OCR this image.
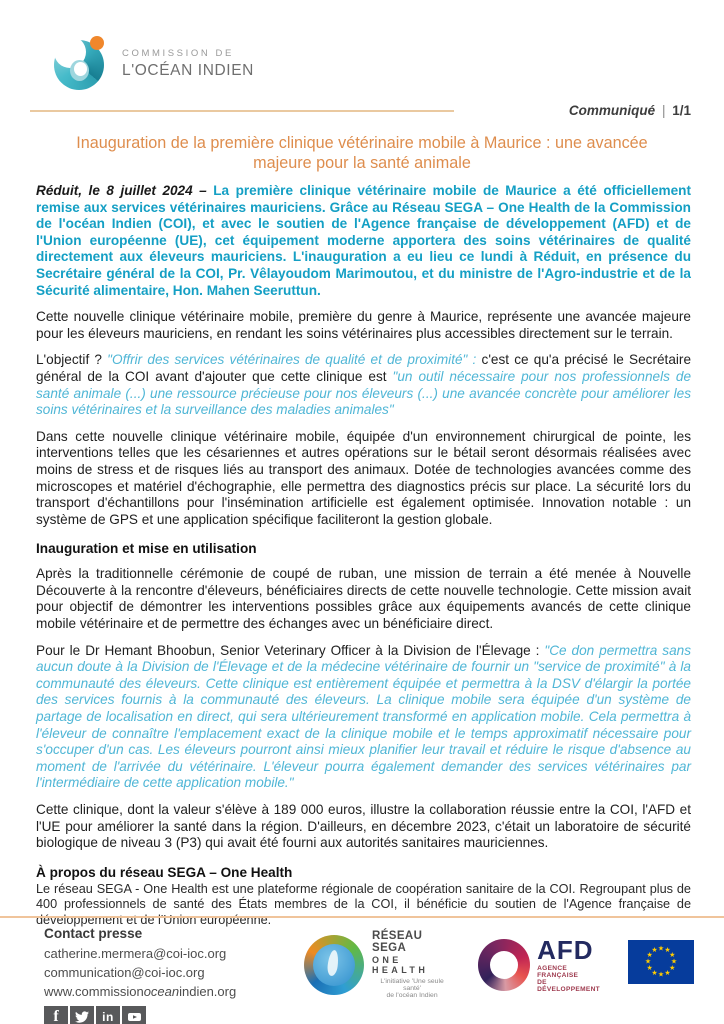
COMMISSION DE
L'OCÉAN INDIEN
Communiqué | 1/1
Inauguration de la première clinique vétérinaire mobile à Maurice : une avancée majeure pour la santé animale

Réduit, le 8 juillet 2024 – La première clinique vétérinaire mobile de Maurice a été officiellement remise aux services vétérinaires mauriciens. Grâce au Réseau SEGA – One Health de la Commission de l'océan Indien (COI), et avec le soutien de l'Agence française de développement (AFD) et de l'Union européenne (UE), cet équipement moderne apportera des soins vétérinaires de qualité directement aux éleveurs mauriciens. L'inauguration a eu lieu ce lundi à Réduit, en présence du Secrétaire général de la COI, Pr. Vêlayoudom Marimoutou, et du ministre de l'Agro-industrie et de la Sécurité alimentaire, Hon. Mahen Seeruttun.

Cette nouvelle clinique vétérinaire mobile, première du genre à Maurice, représente une avancée majeure pour les éleveurs mauriciens, en rendant les soins vétérinaires plus accessibles directement sur le terrain.

L'objectif ? "Offrir des services vétérinaires de qualité et de proximité" : c'est ce qu'a précisé le Secrétaire général de la COI avant d'ajouter que cette clinique est "un outil nécessaire pour nos professionnels de santé animale (...) une ressource précieuse pour nos éleveurs (...) une avancée concrète pour améliorer les soins vétérinaires et la surveillance des maladies animales"

Dans cette nouvelle clinique vétérinaire mobile, équipée d'un environnement chirurgical de pointe, les interventions telles que les césariennes et autres opérations sur le bétail seront désormais réalisées avec moins de stress et de risques liés au transport des animaux. Dotée de technologies avancées comme des microscopes et matériel d'échographie, elle permettra des diagnostics précis sur place. La sécurité lors du transport d'échantillons pour l'insémination artificielle est également optimisée. Innovation notable : un système de GPS et une application spécifique faciliteront la gestion globale.

Inauguration et mise en utilisation

Après la traditionnelle cérémonie de coupé de ruban, une mission de terrain a été menée à Nouvelle Découverte à la rencontre d'éleveurs, bénéficiaires directs de cette nouvelle technologie. Cette mission avait pour objectif de démontrer les interventions possibles grâce aux équipements avancés de cette clinique mobile vétérinaire et de permettre des échanges avec un bénéficiaire direct.

Pour le Dr Hemant Bhoobun, Senior Veterinary Officer à la Division de l'Élevage : "Ce don permettra sans aucun doute à la Division de l'Élevage et de la médecine vétérinaire de fournir un "service de proximité" à la communauté des éleveurs. Cette clinique est entièrement équipée et permettra à la DSV d'élargir la portée des services fournis à la communauté des éleveurs. La clinique mobile sera équipée d'un système de partage de localisation en direct, qui sera ultérieurement transformé en application mobile. Cela permettra à l'éleveur de connaître l'emplacement exact de la clinique mobile et le temps approximatif nécessaire pour s'occuper d'un cas. Les éleveurs pourront ainsi mieux planifier leur travail et réduire le risque d'absence au moment de l'arrivée du vétérinaire. L'éleveur pourra également demander des services vétérinaires par l'intermédiaire de cette application mobile."

Cette clinique, dont la valeur s'élève à 189 000 euros, illustre la collaboration réussie entre la COI, l'AFD et l'UE pour améliorer la santé dans la région. D'ailleurs, en décembre 2023, c'était un laboratoire de sécurité biologique de niveau 3 (P3) qui avait été fourni aux autorités sanitaires mauriciennes.

À propos du réseau SEGA – One Health

Le réseau SEGA - One Health est une plateforme régionale de coopération sanitaire de la COI. Regroupant plus de 400 professionnels de santé des États membres de la COI, il bénéficie du soutien de l'Agence française de développement et de l'Union européenne.

Contact presse
catherine.mermera@coi-ioc.org
communication@coi-ioc.org
www.commissionoceanindien.org
f	in
RÉSEAU SEGA
ONE HEALTH
L'initiative 'Une seule santé'
de l'océan Indien
AFD
AGENCE FRANÇAISE
DE DÉVELOPPEMENT
★ ★
★
★
★
★
★
★
★
★
★
★
